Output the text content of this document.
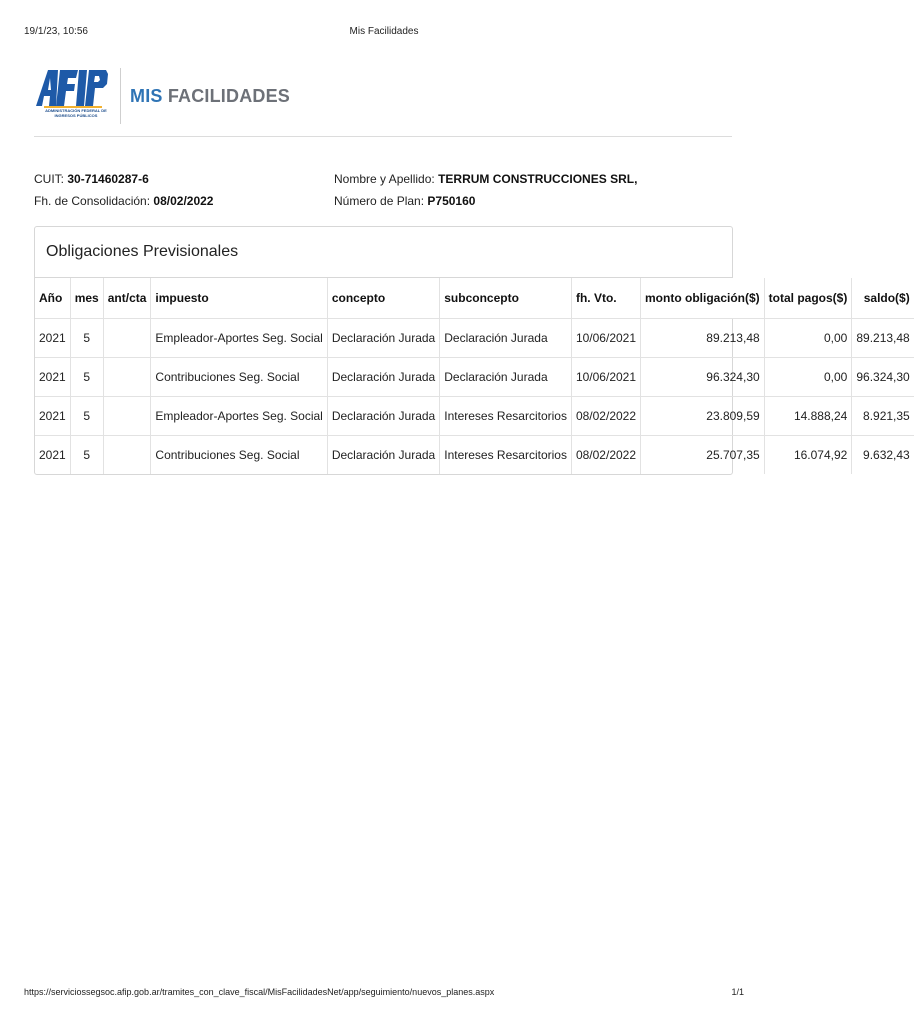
19/1/23, 10:56	Mis Facilidades
ADMINISTRACIÓN FEDERAL DE INGRESOS PÚBLICOS
MIS FACILIDADES
CUIT: 30-71460287-6
Fh. de Consolidación: 08/02/2022
Nombre y Apellido: TERRUM CONSTRUCCIONES SRL,
Número de Plan: P750160
Obligaciones Previsionales
Año	mes	ant/cta	impuesto	concepto	subconcepto	fh. Vto.	monto obligación($)	total pagos($)	saldo($)
2021	5		Empleador-Aportes Seg. Social	Declaración Jurada	Declaración Jurada	10/06/2021	89.213,48	0,00	89.213,48
2021	5		Contribuciones Seg. Social	Declaración Jurada	Declaración Jurada	10/06/2021	96.324,30	0,00	96.324,30
2021	5		Empleador-Aportes Seg. Social	Declaración Jurada	Intereses Resarcitorios	08/02/2022	23.809,59	14.888,24	8.921,35
2021	5		Contribuciones Seg. Social	Declaración Jurada	Intereses Resarcitorios	08/02/2022	25.707,35	16.074,92	9.632,43
https://serviciossegsoc.afip.gob.ar/tramites_con_clave_fiscal/MisFacilidadesNet/app/seguimiento/nuevos_planes.aspx	1/1
